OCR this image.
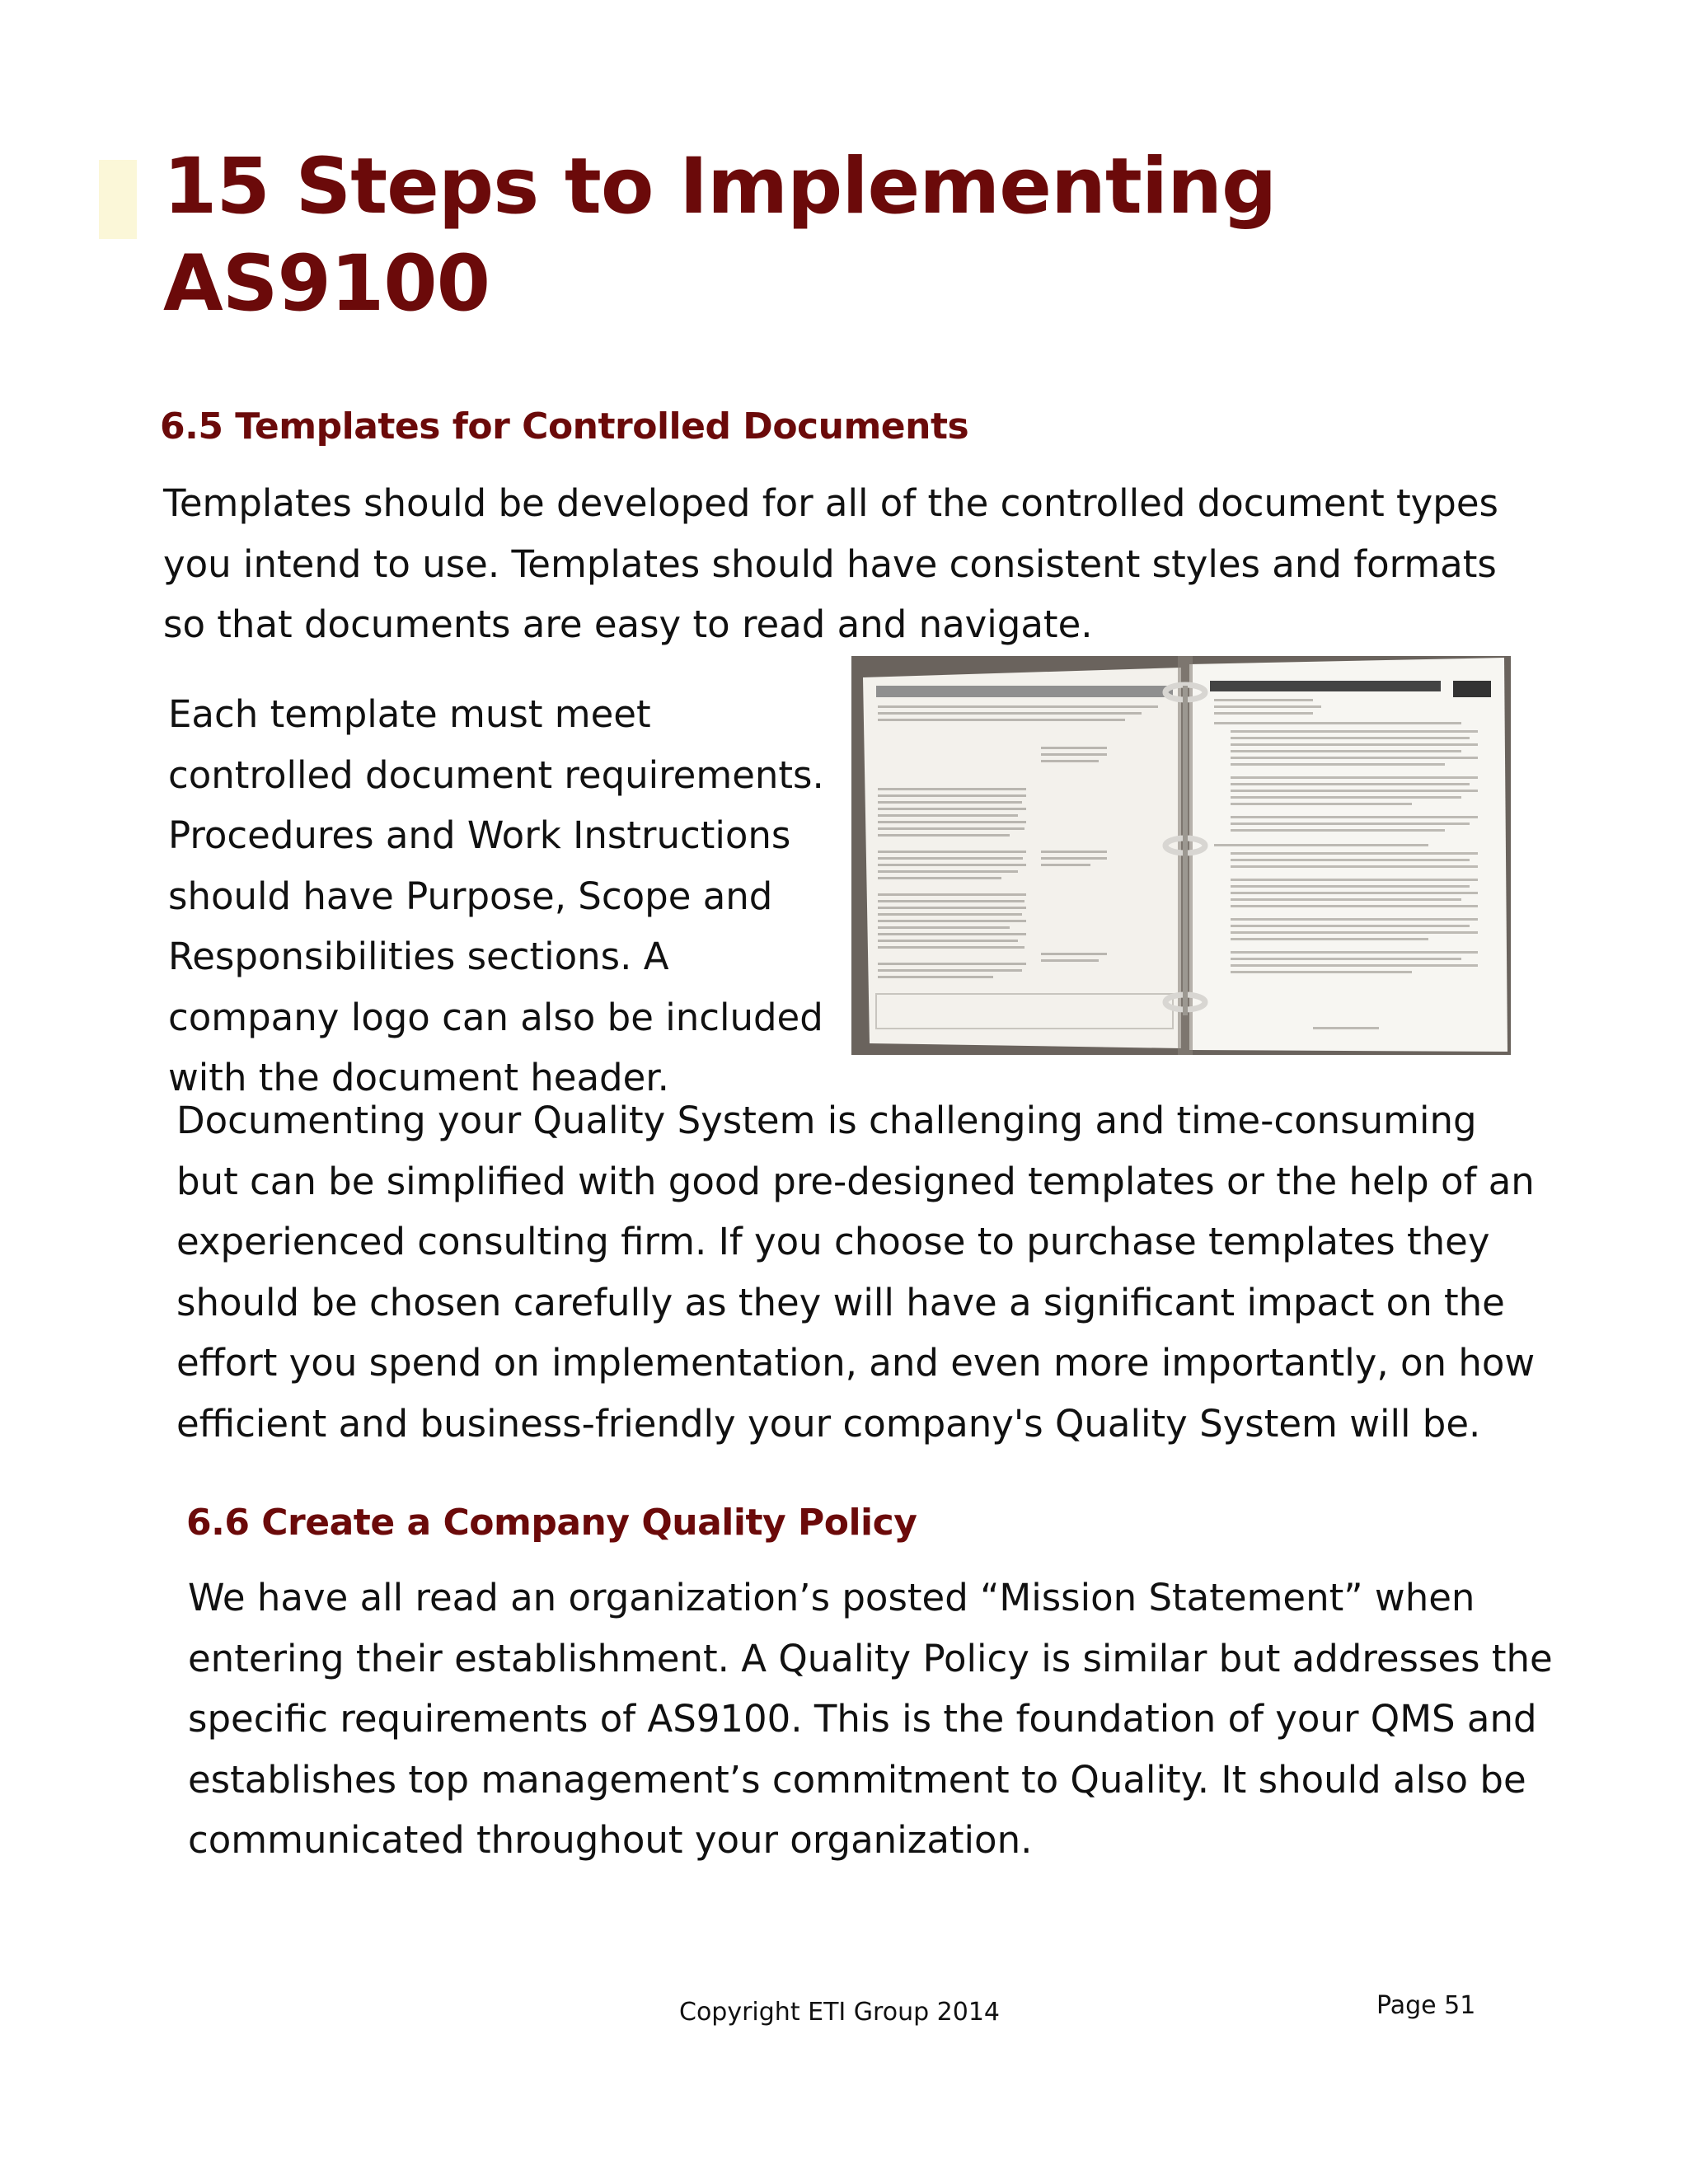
15 Steps to Implementing AS9100
6.5 Templates for Controlled Documents

Templates should be developed for all of the controlled document types you intend to use. Templates should have consistent styles and formats so that documents are easy to read and navigate.

Each template must meet controlled document requirements. Procedures and Work Instructions should have Purpose, Scope and Responsibilities sections. A company logo can also be included with the document header.

Documenting your Quality System is challenging and time-consuming but can be simplified with good pre-designed templates or the help of an experienced consulting firm. If you choose to purchase templates they should be chosen carefully as they will have a significant impact on the effort you spend on implementation, and even more importantly, on how efficient and business-friendly your company's Quality System will be.

6.6 Create a Company Quality Policy

We have all read an organization’s posted “Mission Statement” when entering their establishment. A Quality Policy is similar but addresses the specific requirements of AS9100. This is the foundation of your QMS and establishes top management’s commitment to Quality. It should also be communicated throughout your organization.

Copyright ETI Group 2014	Page 51
